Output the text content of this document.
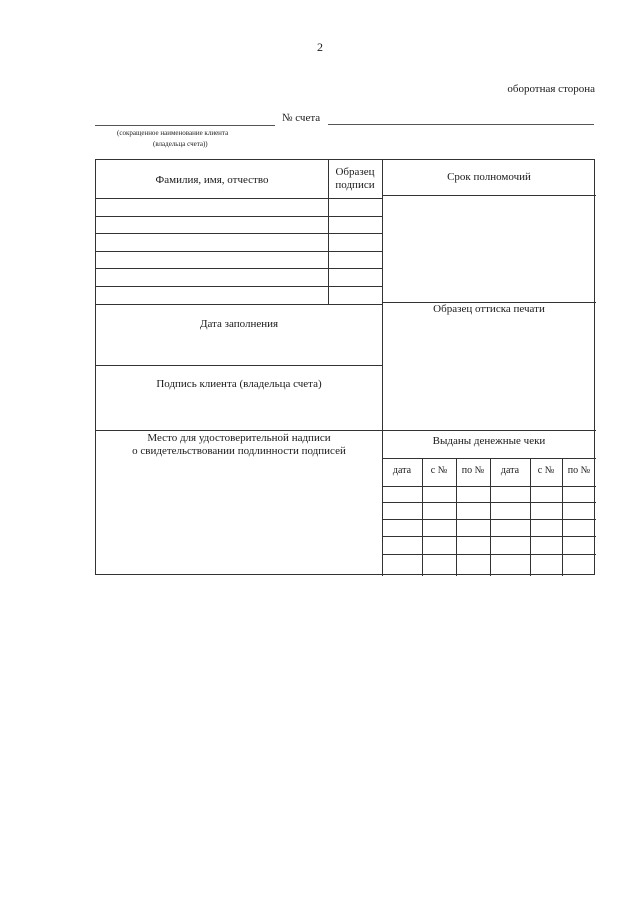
2
оборотная сторона
№ счета
(сокращенное наименование клиента
(владельца счета))
Фамилия, имя, отчество
Образец
подписи
Срок полномочий
Дата заполнения
Образец оттиска печати
Подпись клиента (владельца счета)
Место для удостоверительной надписи
о свидетельствовании подлинности подписей
Выданы денежные чеки
дата	с №	по №	дата	с №	по №
